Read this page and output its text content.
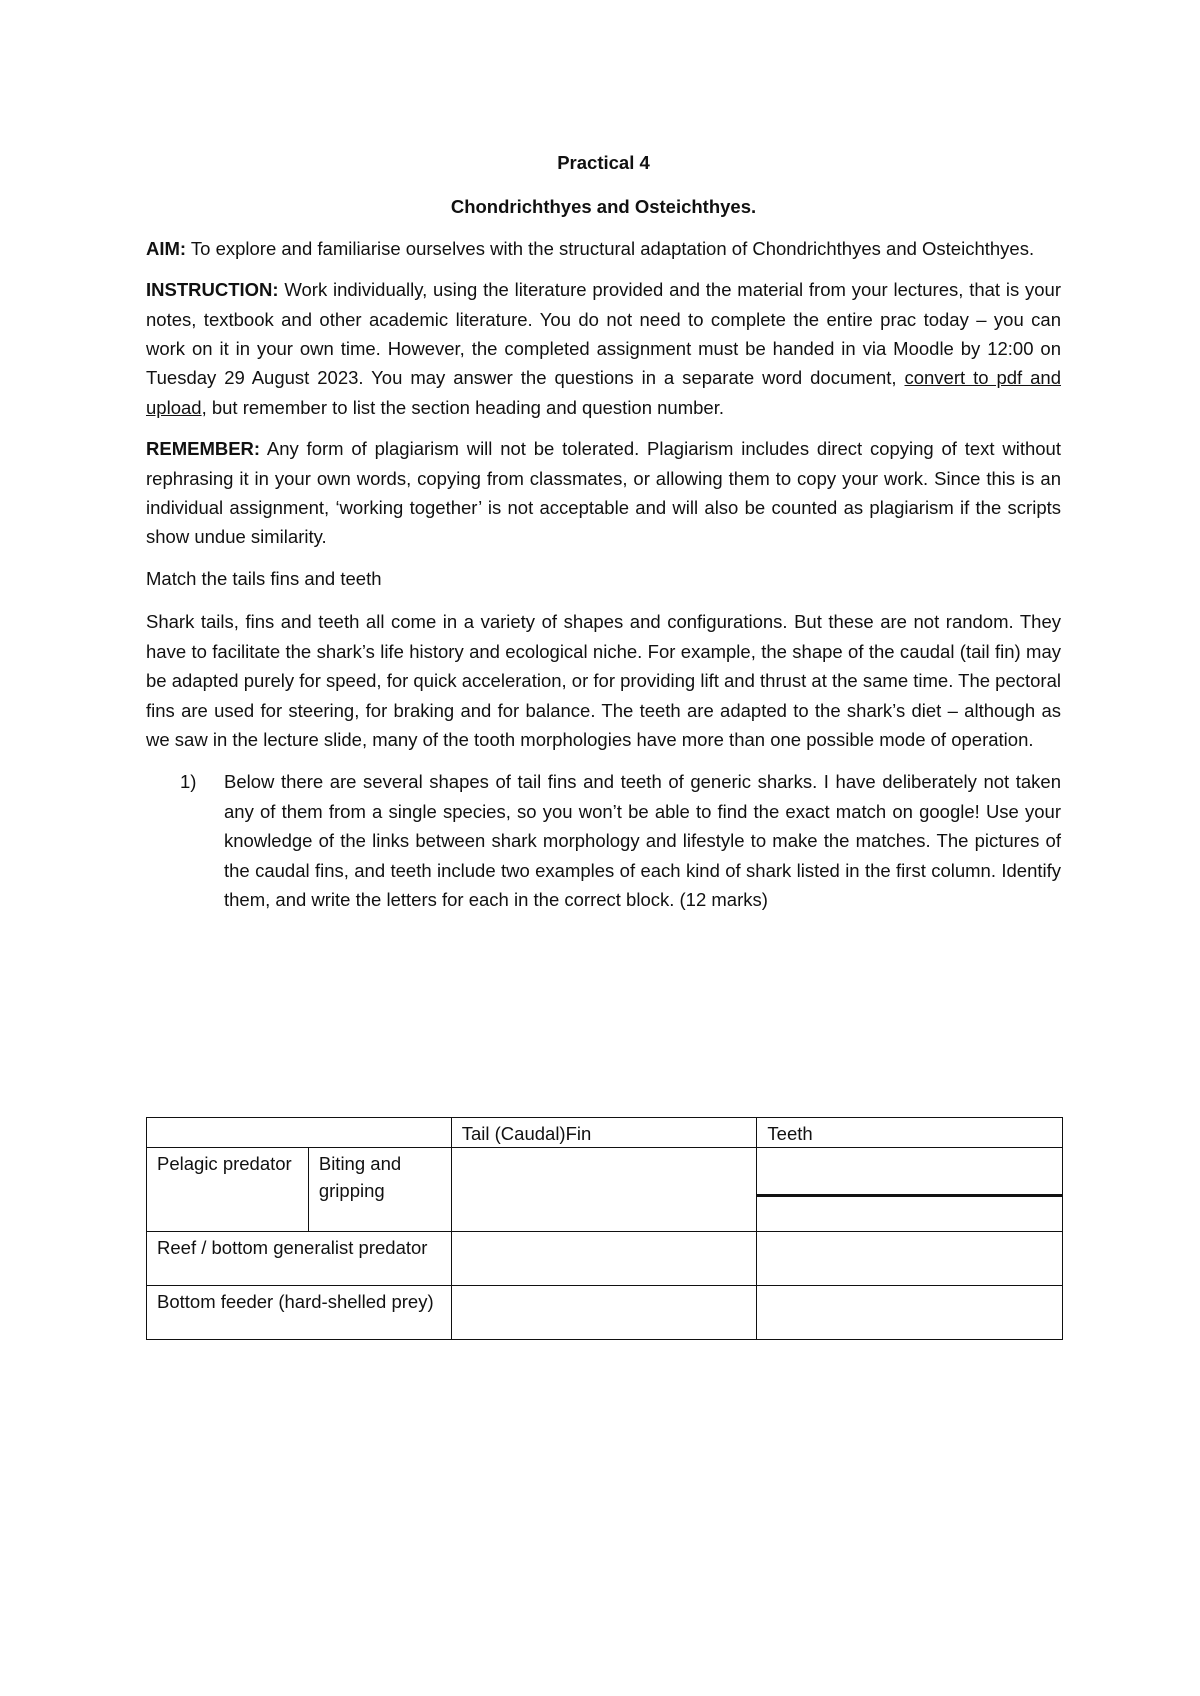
Practical 4

Chondrichthyes and Osteichthyes.

AIM: To explore and familiarise ourselves with the structural adaptation of Chondrichthyes and Osteichthyes.

INSTRUCTION: Work individually, using the literature provided and the material from your lectures, that is your notes, textbook and other academic literature. You do not need to complete the entire prac today – you can work on it in your own time. However, the completed assignment must be handed in via Moodle by 12:00 on Tuesday 29 August 2023. You may answer the questions in a separate word document, convert to pdf and upload, but remember to list the section heading and question number.

REMEMBER: Any form of plagiarism will not be tolerated. Plagiarism includes direct copying of text without rephrasing it in your own words, copying from classmates, or allowing them to copy your work. Since this is an individual assignment, ‘working together’ is not acceptable and will also be counted as plagiarism if the scripts show undue similarity.

Match the tails fins and teeth

Shark tails, fins and teeth all come in a variety of shapes and configurations. But these are not random. They have to facilitate the shark’s life history and ecological niche. For example, the shape of the caudal (tail fin) may be adapted purely for speed, for quick acceleration, or for providing lift and thrust at the same time. The pectoral fins are used for steering, for braking and for balance. The teeth are adapted to the shark’s diet – although as we saw in the lecture slide, many of the tooth morphologies have more than one possible mode of operation.

1)	Below there are several shapes of tail fins and teeth of generic sharks. I have deliberately not taken any of them from a single species, so you won’t be able to find the exact match on google! Use your knowledge of the links between shark morphology and lifestyle to make the matches. The pictures of the caudal fins, and teeth include two examples of each kind of shark listed in the first column. Identify them, and write the letters for each in the correct block. (12 marks)
		Tail (Caudal)Fin	Teeth
Pelagic predator	Biting and gripping		

Reef / bottom generalist predator			
Bottom feeder (hard-shelled prey)			
